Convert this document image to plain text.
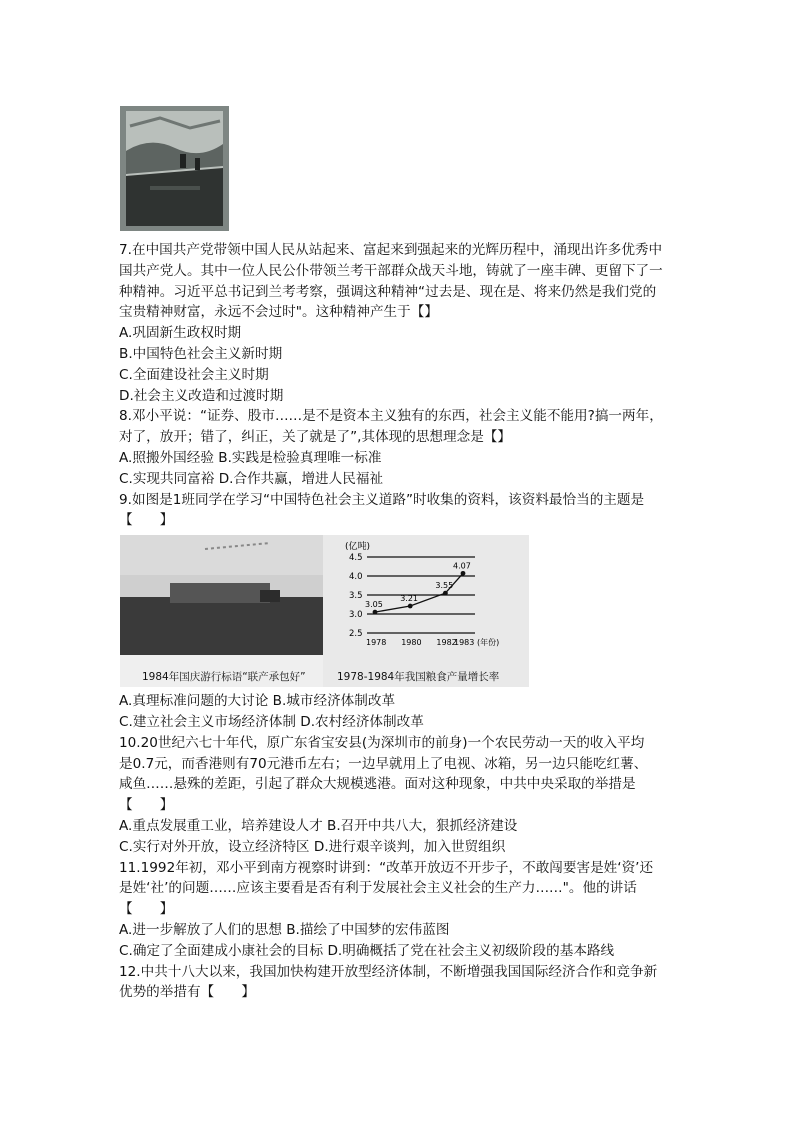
7.在中国共产党带领中国人民从站起来、富起来到强起来的光辉历程中，涌现出许多优秀中
国共产党人。其中一位人民公仆带领兰考干部群众战天斗地，铸就了一座丰碑、更留下了一
种精神。习近平总书记到兰考考察，强调这种精神“过去是、现在是、将来仍然是我们党的
宝贵精神财富，永远不会过时"。这种精神产生于【】
A.巩固新生政权时期
B.中国特色社会主义新时期
C.全面建设社会主义时期
D.社会主义改造和过渡时期
8.邓小平说：“证券、股市……是不是资本主义独有的东西，社会主义能不能用?搞一两年，
对了，放开；错了，纠正，关了就是了”,其体现的思想理念是【】
A.照搬外国经验 B.实践是检验真理唯一标准
C.实现共同富裕 D.合作共赢，增进人民福祉
9.如图是1班同学在学习“中国特色社会主义道路”时收集的资料，该资料最恰当的主题是
【　　】
1984年国庆游行标语“联产承包好”
(亿吨)
2.5
3.0
3.5
4.0
4.5
1978 1980 1982
1983 (年份)
3.05
3.21
3.55
4.07
1978-1984年我国粮食产量增长率
A.真理标准问题的大讨论 B.城市经济体制改革
C.建立社会主义市场经济体制 D.农村经济体制改革
10.20世纪六七十年代，原广东省宝安县(为深圳市的前身)一个农民劳动一天的收入平均
是0.7元，而香港则有70元港币左右；一边早就用上了电视、冰箱，另一边只能吃红薯、
咸鱼……悬殊的差距，引起了群众大规模逃港。面对这种现象，中共中央采取的举措是
【　　】
A.重点发展重工业，培养建设人才 B.召开中共八大，狠抓经济建设
C.实行对外开放，设立经济特区 D.进行艰辛谈判，加入世贸组织
11.1992年初，邓小平到南方视察时讲到：“改革开放迈不开步子，不敢闯要害是姓‘资’还
是姓‘社’的问题……应该主要看是否有利于发展社会主义社会的生产力……"。他的讲话
【　　】
A.进一步解放了人们的思想 B.描绘了中国梦的宏伟蓝图
C.确定了全面建成小康社会的目标 D.明确概括了党在社会主义初级阶段的基本路线
12.中共十八大以来，我国加快构建开放型经济体制，不断增强我国国际经济合作和竞争新
优势的举措有【　　】
